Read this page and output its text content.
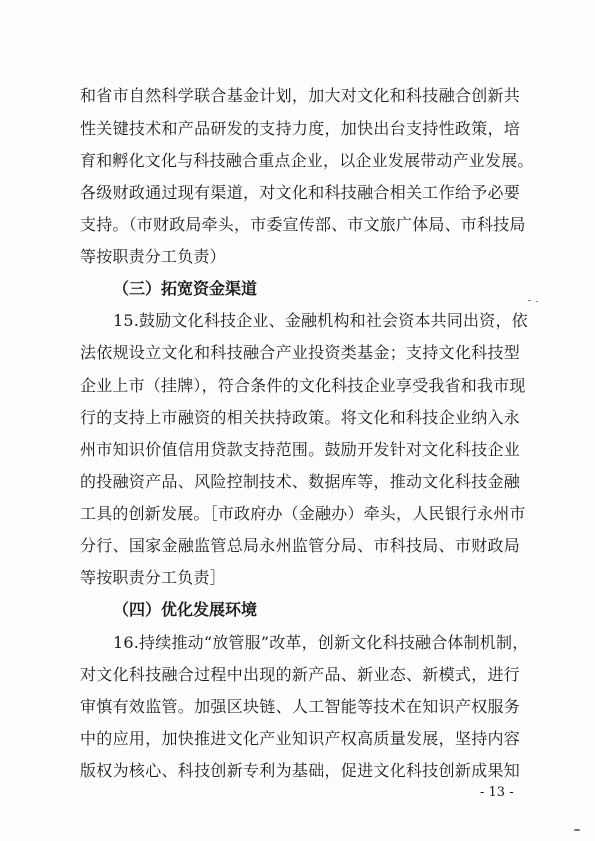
和省市自然科学联合基金计划，加大对文化和科技融合创新共
性关键技术和产品研发的支持力度，加快出台支持性政策，培
育和孵化文化与科技融合重点企业，以企业发展带动产业发展。
各级财政通过现有渠道，对文化和科技融合相关工作给予必要
支持。（市财政局牵头，市委宣传部、市文旅广体局、市科技局
等按职责分工负责）
（三）拓宽资金渠道
15.鼓励文化科技企业、金融机构和社会资本共同出资，依
法依规设立文化和科技融合产业投资类基金；支持文化科技型
企业上市（挂牌），符合条件的文化科技企业享受我省和我市现
行的支持上市融资的相关扶持政策。将文化和科技企业纳入永
州市知识价值信用贷款支持范围。鼓励开发针对文化科技企业
的投融资产品、风险控制技术、数据库等，推动文化科技金融
工具的创新发展。［市政府办（金融办）牵头，人民银行永州市
分行、国家金融监管总局永州监管分局、市科技局、市财政局
等按职责分工负责］
（四）优化发展环境
16.持续推动“放管服”改革，创新文化科技融合体制机制，
对文化科技融合过程中出现的新产品、新业态、新模式，进行
审慎有效监管。加强区块链、人工智能等技术在知识产权服务
中的应用，加快推进文化产业知识产权高质量发展，坚持内容
版权为核心、科技创新专利为基础，促进文化科技创新成果知
- 13 -
